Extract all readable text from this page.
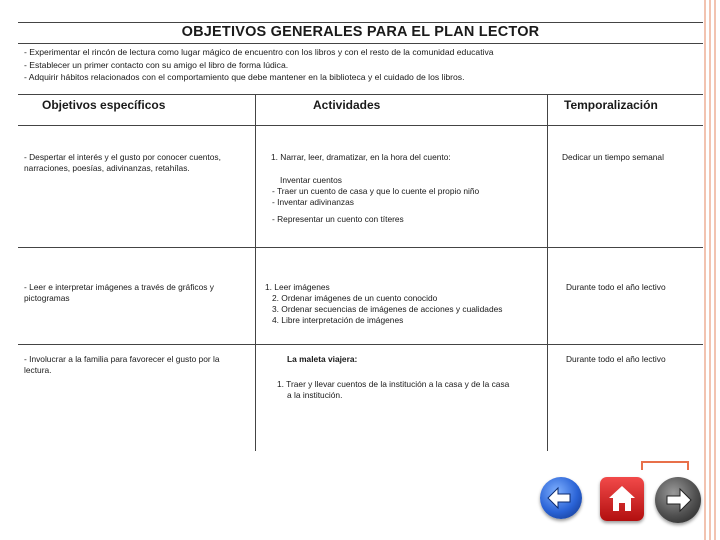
OBJETIVOS GENERALES PARA EL PLAN LECTOR
- Experimentar el rincón de lectura como lugar mágico de encuentro con los libros y con el resto de la comunidad educativa
- Establecer un primer contacto con su amigo el libro de forma lúdica.
- Adquirir hábitos relacionados con el comportamiento que debe mantener en la biblioteca y el cuidado de los libros.
Objetivos específicos	Actividades	Temporalización
- Despertar el interés y el gusto por conocer cuentos, narraciones, poesías, adivinanzas, retahílas.
1. Narrar, leer, dramatizar, en la hora del cuento:
Inventar cuentos
- Traer un cuento de casa y que lo cuente el propio niño
- Inventar adivinanzas
- Representar un cuento con títeres
Dedicar un tiempo semanal
- Leer e interpretar imágenes a través de gráficos y pictogramas
1. Leer imágenes
2. Ordenar imágenes de un cuento conocido
3. Ordenar secuencias de imágenes de acciones y cualidades
4. Libre interpretación de imágenes
Durante todo el año lectivo
- Involucrar a la familia para favorecer el gusto por la lectura.
La maleta viajera:
1. Traer y llevar cuentos de la institución a la casa y de la casa
a la institución.
Durante todo el año lectivo
